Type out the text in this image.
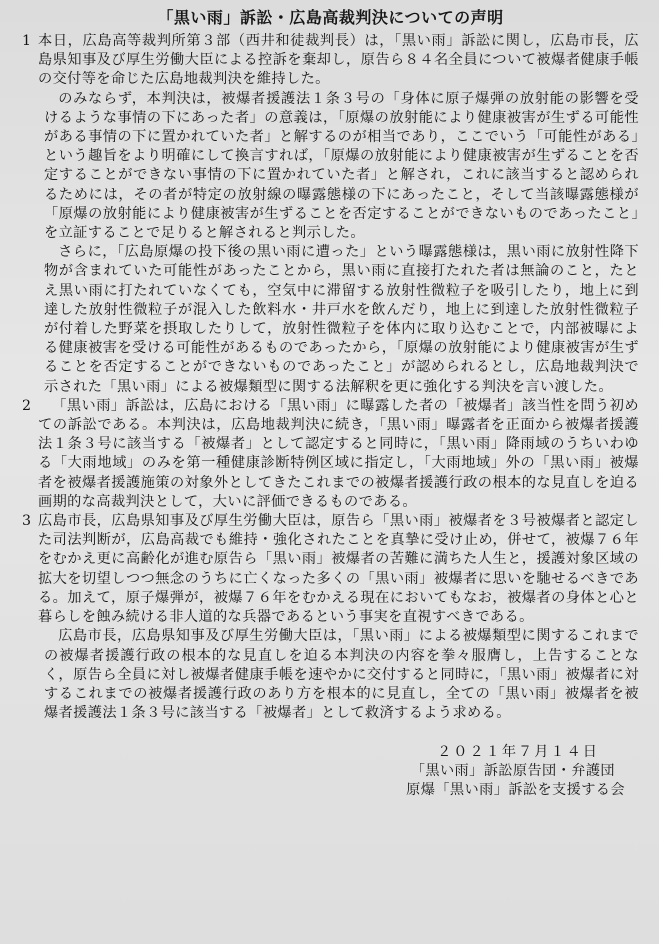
「黒い雨」訴訟・広島高裁判決についての声明
1 本日，広島高等裁判所第３部（西井和徒裁判長）は，「黒い雨」訴訟に関し，広島市長，広島県知事及び厚生労働大臣による控訴を棄却し，原告ら８４名全員について被爆者健康手帳の交付等を命じた広島地裁判決を維持した。

のみならず，本判決は，被爆者援護法１条３号の「身体に原子爆弾の放射能の影響を受けるような事情の下にあった者」の意義は，「原爆の放射能により健康被害が生ずる可能性がある事情の下に置かれていた者」と解するのが相当であり，ここでいう「可能性がある」という趣旨をより明確にして換言すれば，「原爆の放射能により健康被害が生ずることを否定することができない事情の下に置かれていた者」と解され，これに該当すると認められるためには，その者が特定の放射線の曝露態様の下にあったこと，そして当該曝露態様が「原爆の放射能により健康被害が生ずることを否定することができないものであったこと」を立証することで足りると解されると判示した。

さらに，「広島原爆の投下後の黒い雨に遭った」という曝露態様は，黒い雨に放射性降下物が含まれていた可能性があったことから，黒い雨に直接打たれた者は無論のこと，たとえ黒い雨に打たれていなくても，空気中に滞留する放射性微粒子を吸引したり，地上に到達した放射性微粒子が混入した飲料水・井戸水を飲んだり，地上に到達した放射性微粒子が付着した野菜を摂取したりして，放射性微粒子を体内に取り込むことで，内部被曝による健康被害を受ける可能性があるものであったから，「原爆の放射能により健康被害が生ずることを否定することができないものであったこと」が認められるとし，広島地裁判決で示された「黒い雨」による被爆類型に関する法解釈を更に強化する判決を言い渡した。

2	「黒い雨」訴訟は，広島における「黒い雨」に曝露した者の「被爆者」該当性を問う初めての訴訟である。本判決は，広島地裁判決に続き，「黒い雨」曝露者を正面から被爆者援護法１条３号に該当する「被爆者」として認定すると同時に，「黒い雨」降雨域のうちいわゆる「大雨地域」のみを第一種健康診断特例区域に指定し，「大雨地域」外の「黒い雨」被爆者を被爆者援護施策の対象外としてきたこれまでの被爆者援護行政の根本的な見直しを迫る画期的な高裁判決として，大いに評価できるものである。
3 広島市長，広島県知事及び厚生労働大臣は，原告ら「黒い雨」被爆者を３号被爆者と認定した司法判断が，広島高裁でも維持・強化されたことを真摯に受け止め，併せて，被爆７６年をむかえ更に高齢化が進む原告ら「黒い雨」被爆者の苦難に満ちた人生と，援護対象区域の拡大を切望しつつ無念のうちに亡くなった多くの「黒い雨」被爆者に思いを馳せるべきである。加えて，原子爆弾が，被爆７６年をむかえる現在においてもなお，被爆者の身体と心と暮らしを蝕み続ける非人道的な兵器であるという事実を直視すべきである。

広島市長，広島県知事及び厚生労働大臣は，「黒い雨」による被爆類型に関するこれまでの被爆者援護行政の根本的な見直しを迫る本判決の内容を拳々服膺し，上告することなく，原告ら全員に対し被爆者健康手帳を速やかに交付すると同時に，「黒い雨」被爆者に対するこれまでの被爆者援護行政のあり方を根本的に見直し，全ての「黒い雨」被爆者を被爆者援護法１条３号に該当する「被爆者」として救済するよう求める。

２０２１年７月１４日
「黒い雨」訴訟原告団・弁護団
原爆「黒い雨」訴訟を支援する会
